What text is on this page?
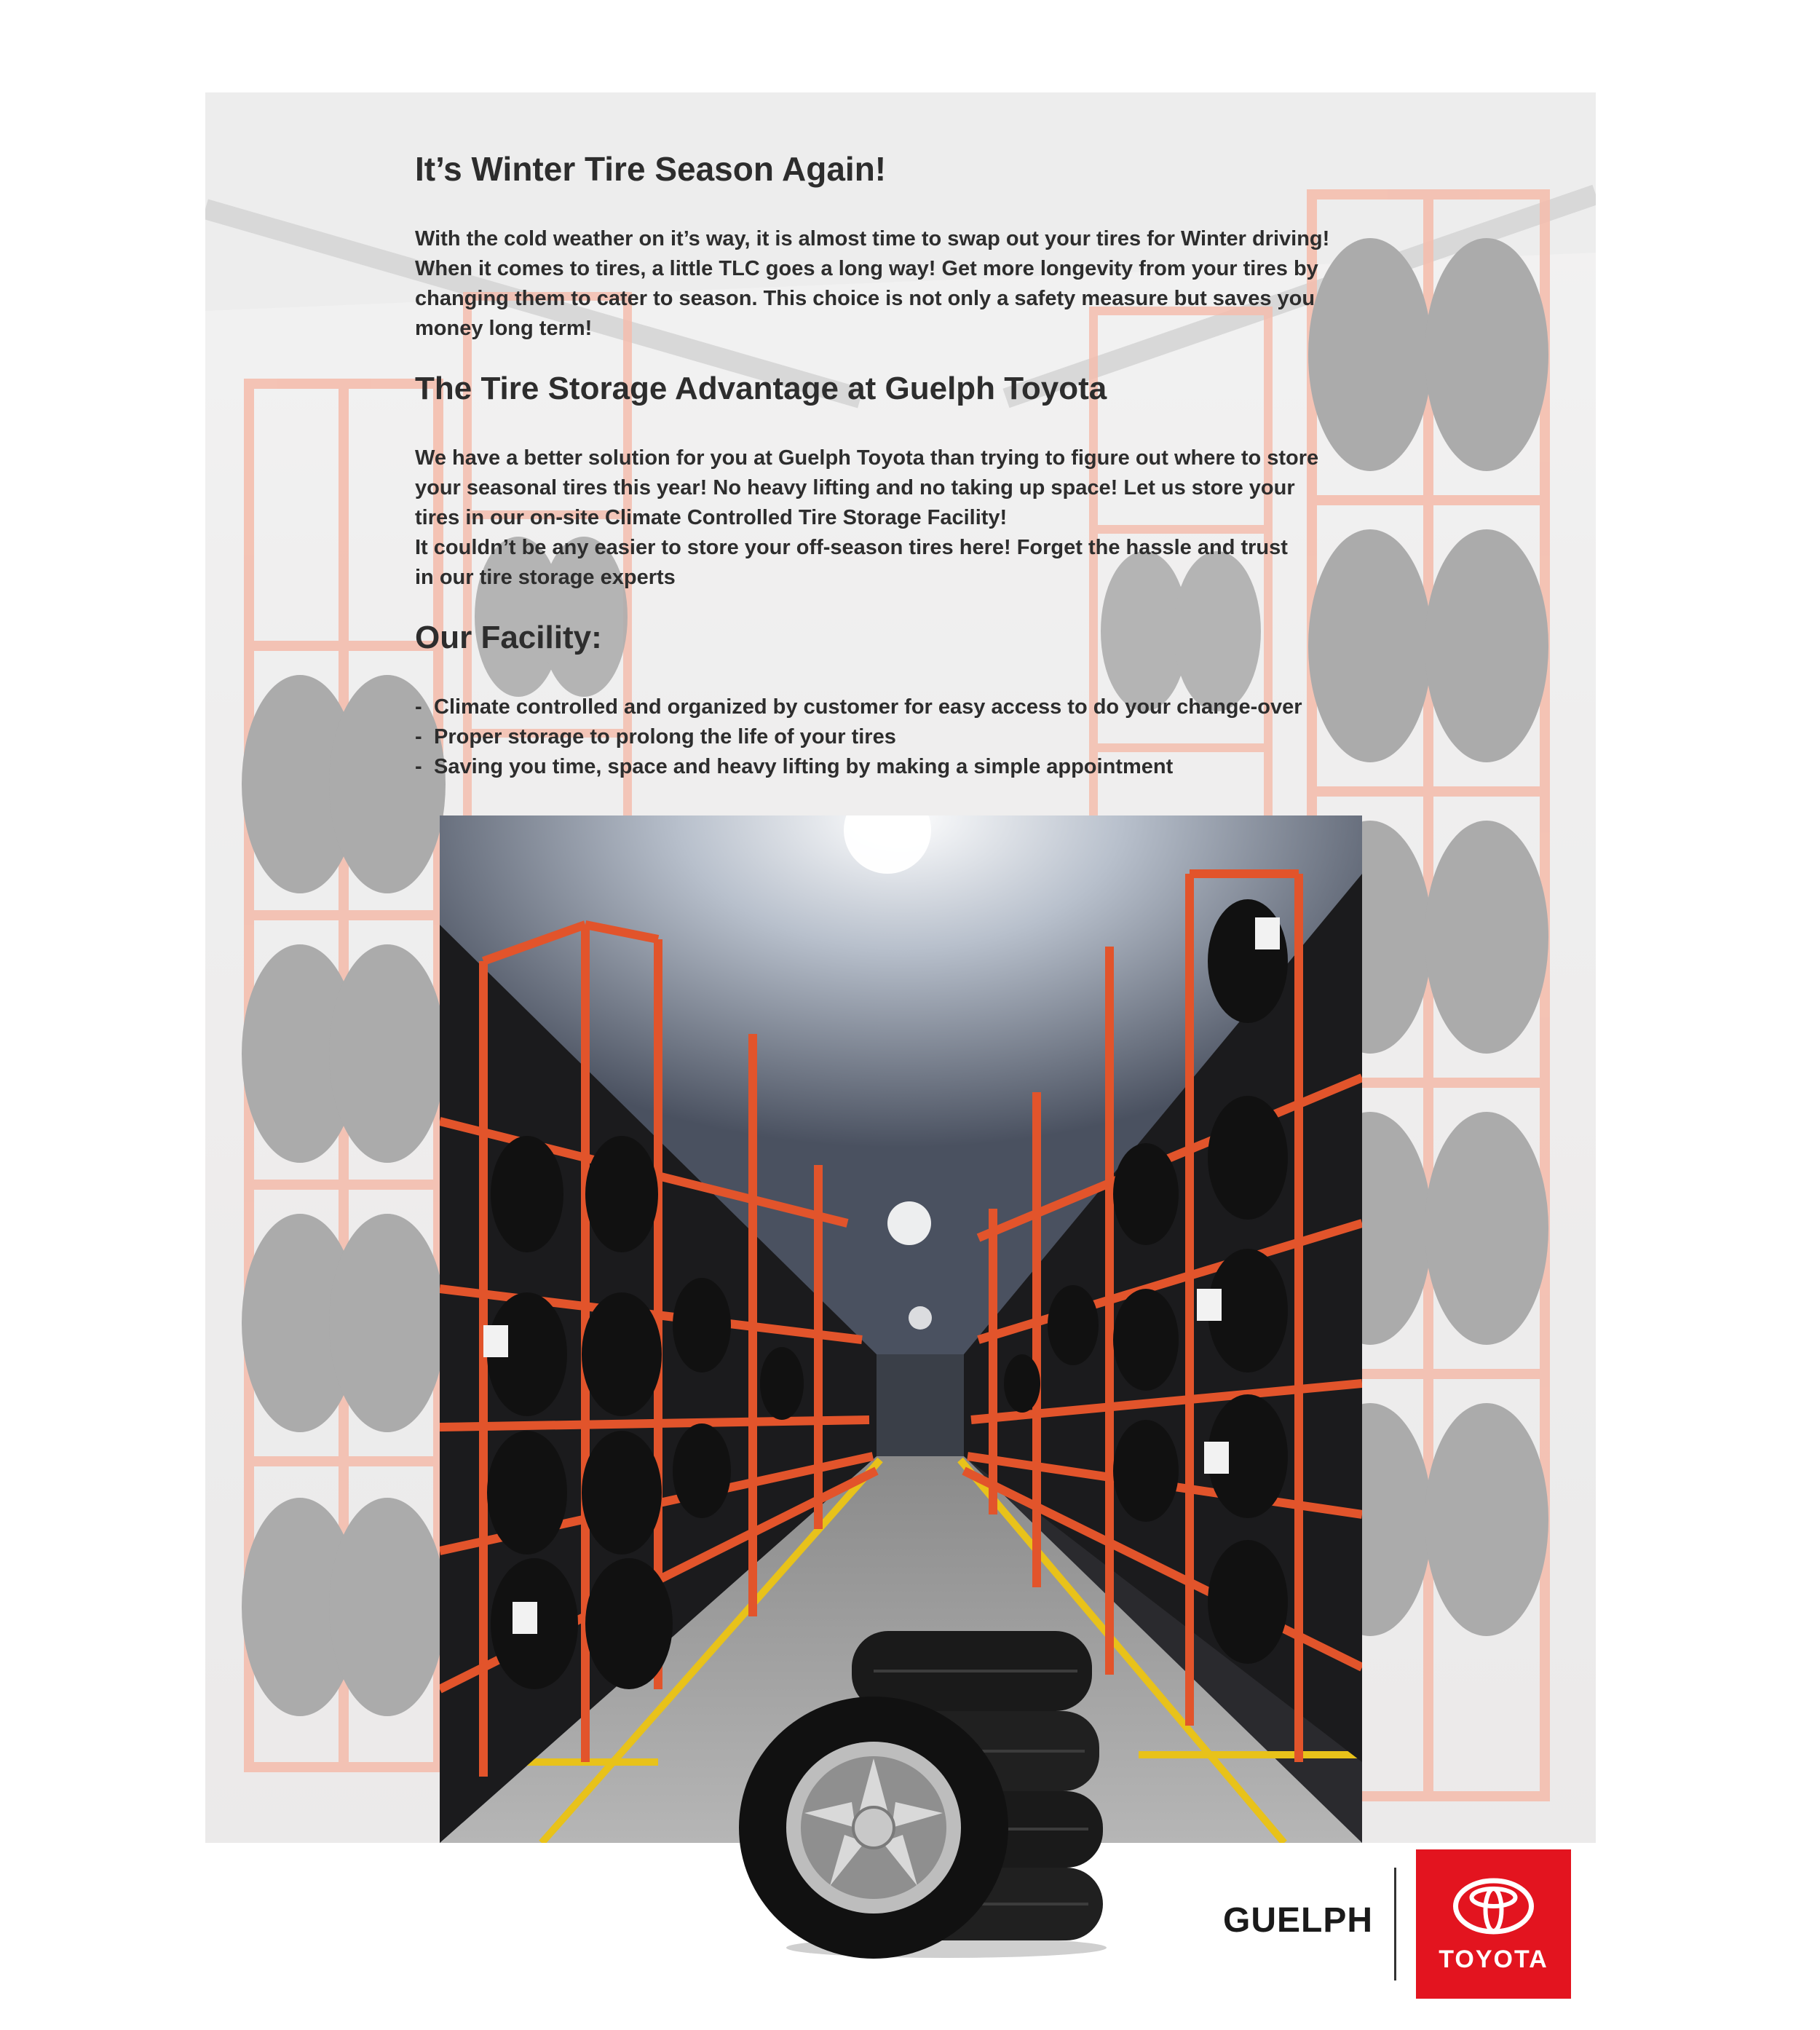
It’s Winter Tire Season Again!
With the cold weather on it’s way, it is almost time to swap out your tires for Winter driving!
When it comes to tires, a little TLC goes a long way! Get more longevity from your tires by
changing them to cater to season. This choice is not only a safety measure but saves you
money long term!
The Tire Storage Advantage at Guelph Toyota
We have a better solution for you at Guelph Toyota than trying to figure out where to store
your seasonal tires this year! No heavy lifting and no taking up space! Let us store your
tires in our on-site Climate Controlled Tire Storage Facility!
It couldn’t be any easier to store your off-season tires here! Forget the hassle and trust
in our tire storage experts
Our Facility:
- Climate controlled and organized by customer for easy access to do your change-over
- Proper storage to prolong the life of your tires
- Saving you time, space and heavy lifting by making a simple appointment
GUELPH
TOYOTA
